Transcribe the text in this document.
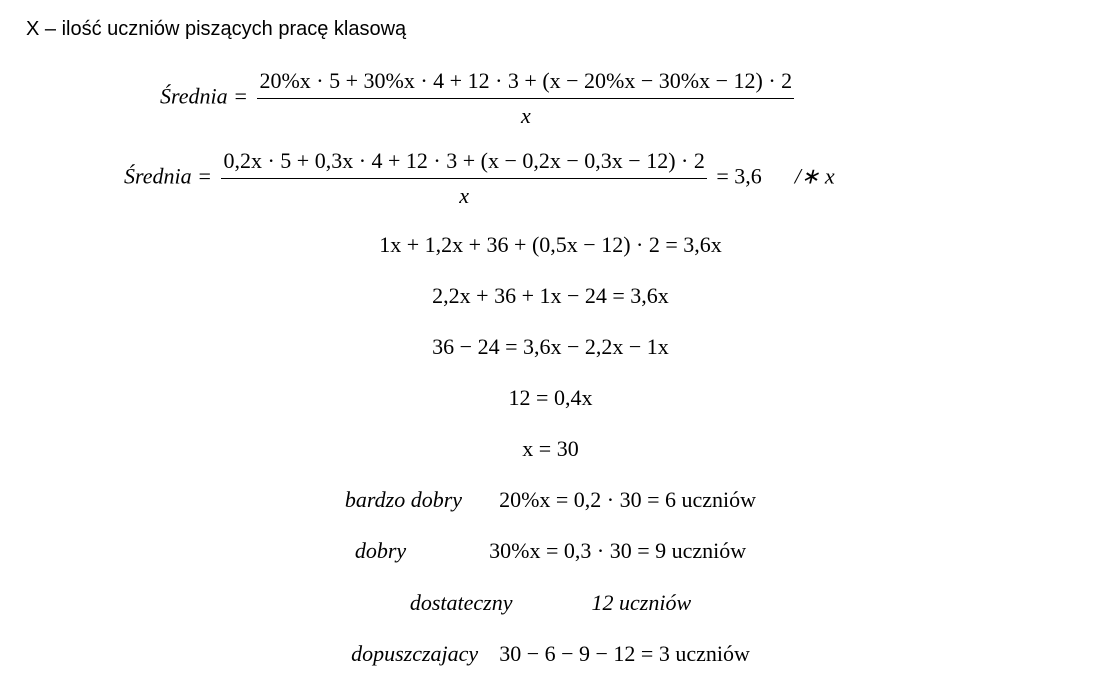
X – ilość uczniów piszących pracę klasową
Średnia = $\frac{20\%x \cdot 5 + 30\%x \cdot 4 + 12 \cdot 3 + (x - 20\%x - 30\%x - 12) \cdot 2}{x}$
Średnia = $\frac{0,2x \cdot 5 + 0,3x \cdot 4 + 12 \cdot 3 + (x - 0,2x - 0,3x - 12) \cdot 2}{x} = 3,6$ /∗ x
1x + 1,2x + 36 + (0,5x − 12) · 2 = 3,6x
2,2x + 36 + 1x − 24 = 3,6x
36 − 24 = 3,6x − 2,2x − 1x
12 = 0,4x
x = 30
bardzo dobry 20%x = 0,2 · 30 = 6 uczniów
dobry	30%x = 0,3 · 30 = 9 uczniów
dostateczny	12 uczniów
dopuszczajacy 30 − 6 − 9 − 12 = 3 uczniów
